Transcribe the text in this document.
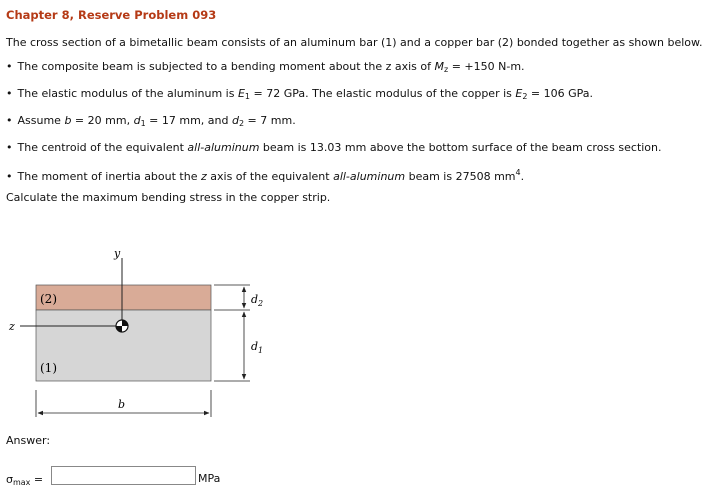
Chapter 8, Reserve Problem 093
The cross section of a bimetallic beam consists of an aluminum bar (1) and a copper bar (2) bonded together as shown below.
• The composite beam is subjected to a bending moment about the z axis of $M_z = +150$ N-m.
• The elastic modulus of the aluminum is $E_1 = 72$ GPa. The elastic modulus of the copper is $E_2 = 106$ GPa.
• Assume b = 20 mm, $d_1 = 17$ mm, and $d_2 = 7$ mm.
• The centroid of the equivalent all-aluminum beam is 13.03 mm above the bottom surface of the beam cross section.
• The moment of inertia about the z axis of the equivalent all-aluminum beam is 27508 $mm^4$.
Calculate the maximum bending stress in the copper strip.
y
z
(2)
(1)
b
$d_2$
$d_1$
Answer:
$\sigma_{max}$ =	MPa
